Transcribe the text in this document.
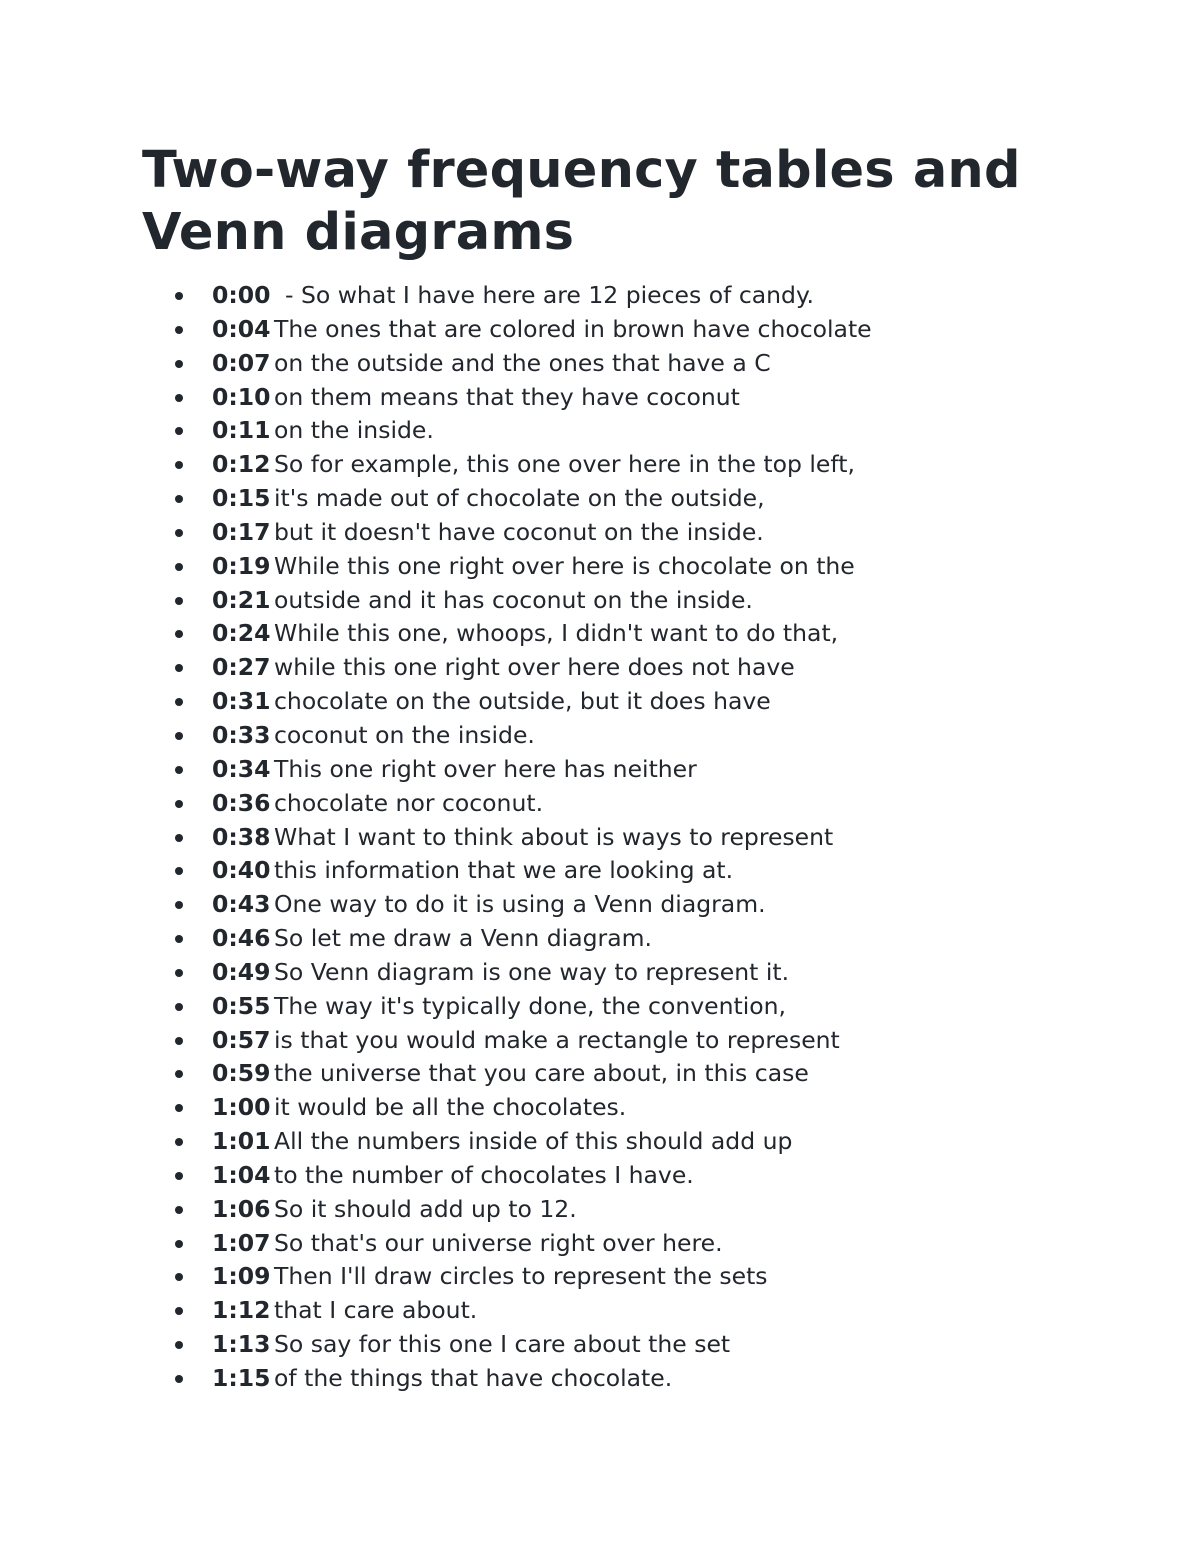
Two-way frequency tables and Venn diagrams
0:00 - So what I have here are 12 pieces of candy.
0:04 The ones that are colored in brown have chocolate
0:07 on the outside and the ones that have a C
0:10 on them means that they have coconut
0:11 on the inside.
0:12 So for example, this one over here in the top left,
0:15 it's made out of chocolate on the outside,
0:17 but it doesn't have coconut on the inside.
0:19 While this one right over here is chocolate on the
0:21 outside and it has coconut on the inside.
0:24 While this one, whoops, I didn't want to do that,
0:27 while this one right over here does not have
0:31 chocolate on the outside, but it does have
0:33 coconut on the inside.
0:34 This one right over here has neither
0:36 chocolate nor coconut.
0:38 What I want to think about is ways to represent
0:40 this information that we are looking at.
0:43 One way to do it is using a Venn diagram.
0:46 So let me draw a Venn diagram.
0:49 So Venn diagram is one way to represent it.
0:55 The way it's typically done, the convention,
0:57 is that you would make a rectangle to represent
0:59 the universe that you care about, in this case
1:00 it would be all the chocolates.
1:01 All the numbers inside of this should add up
1:04 to the number of chocolates I have.
1:06 So it should add up to 12.
1:07 So that's our universe right over here.
1:09 Then I'll draw circles to represent the sets
1:12 that I care about.
1:13 So say for this one I care about the set
1:15 of the things that have chocolate.
